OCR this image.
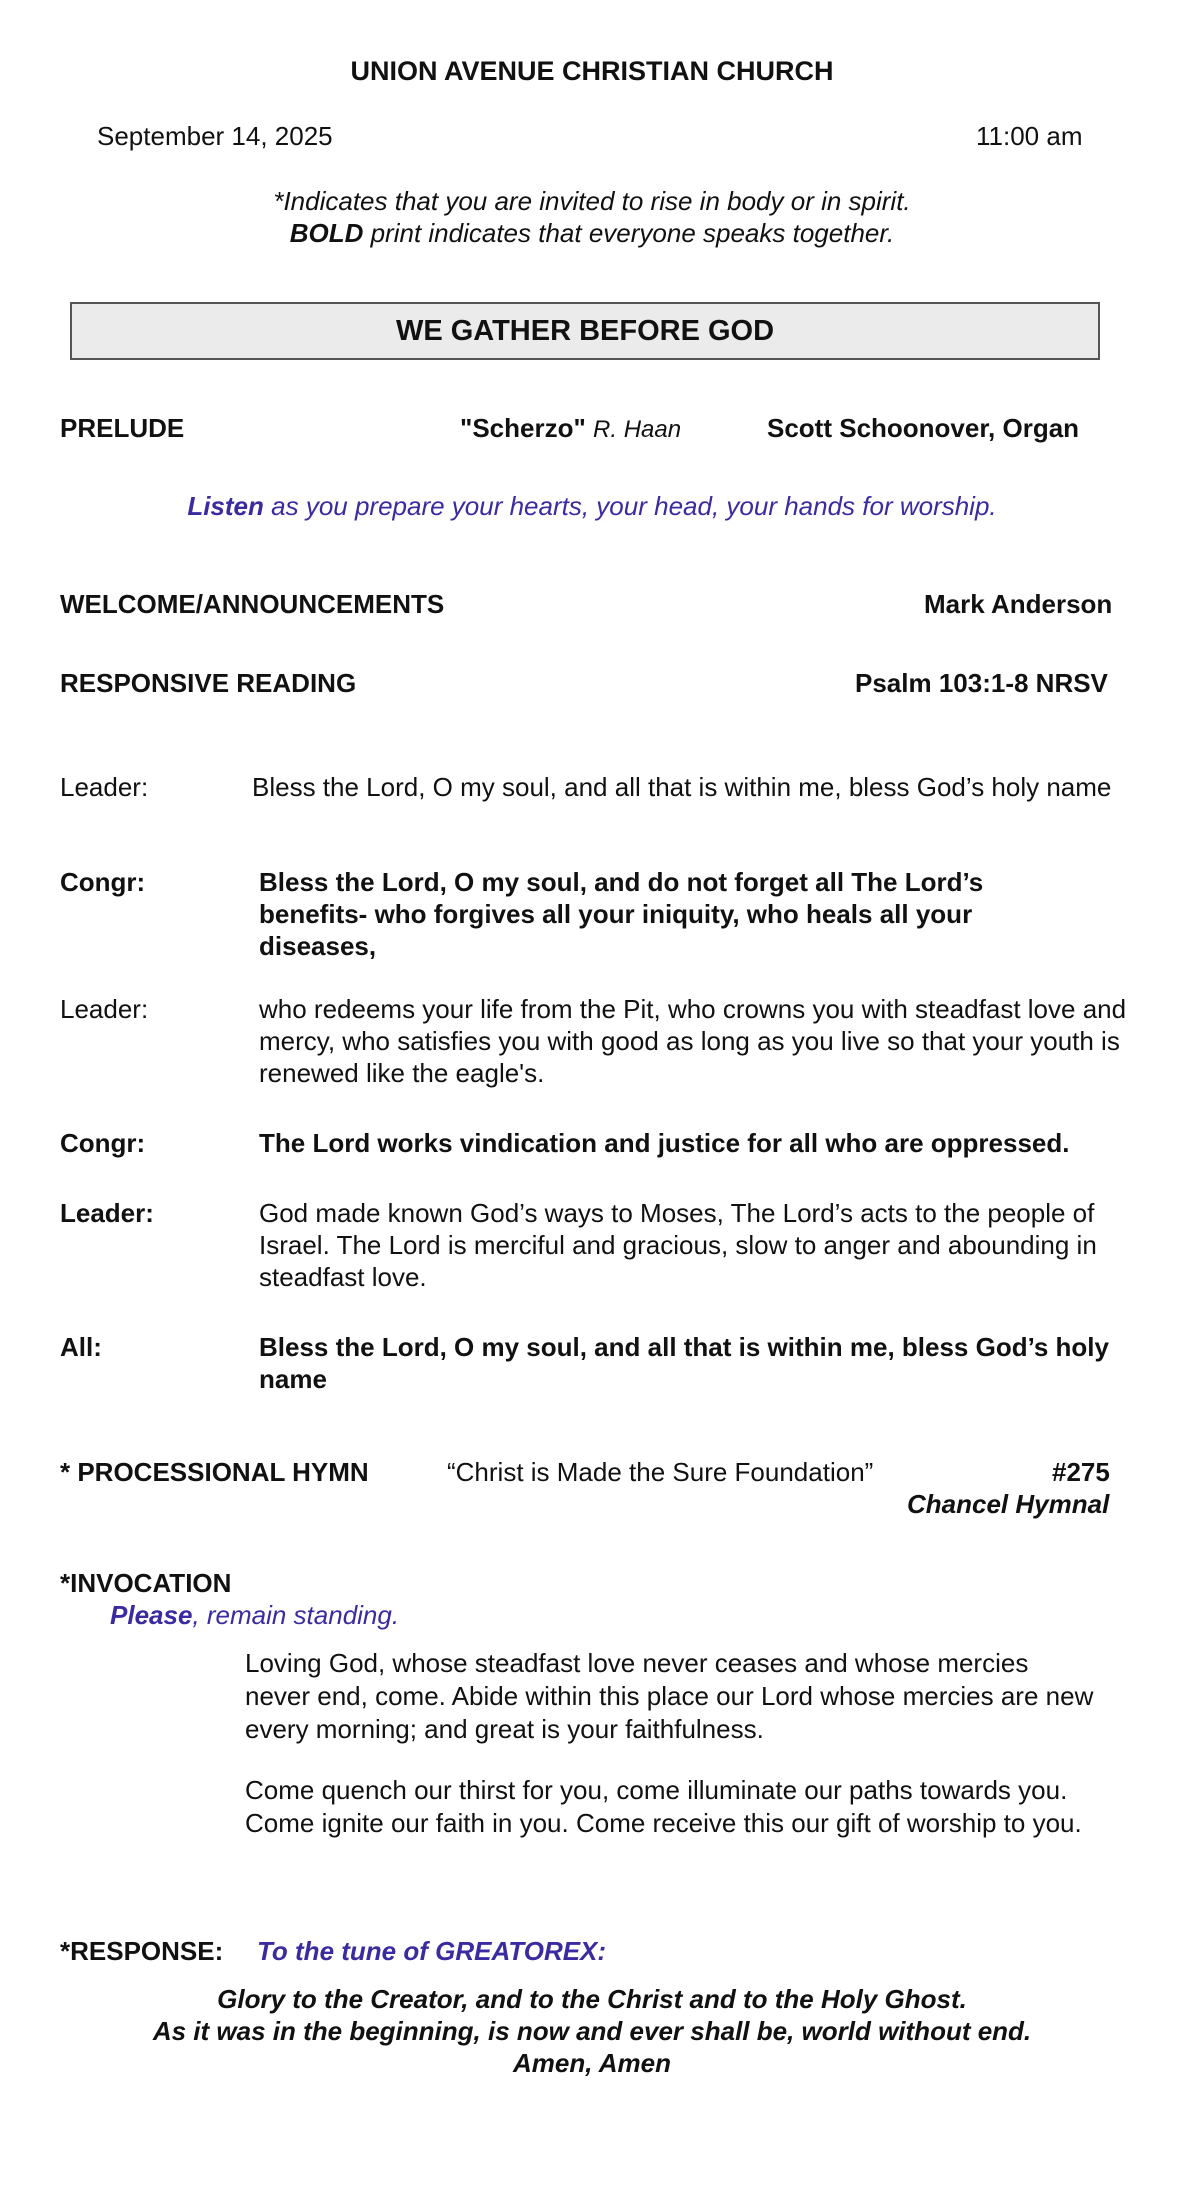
UNION AVENUE CHRISTIAN CHURCH
September 14, 2025	11:00 am
*Indicates that you are invited to rise in body or in spirit.
BOLD print indicates that everyone speaks together.
WE GATHER BEFORE GOD
PRELUDE	"Scherzo" R. Haan	Scott Schoonover, Organ
Listen as you prepare your hearts, your head, your hands for worship.
WELCOME/ANNOUNCEMENTS	Mark Anderson
RESPONSIVE READING	Psalm 103:1-8 NRSV
Leader:	Bless the Lord, O my soul, and all that is within me, bless God’s holy name
Congr:	Bless the Lord, O my soul, and do not forget all The Lord’s benefits- who forgives all your iniquity, who heals all your diseases,
Leader:	who redeems your life from the Pit, who crowns you with steadfast love and mercy, who satisfies you with good as long as you live so that your youth is renewed like the eagle's.
Congr:	The Lord works vindication and justice for all who are oppressed.
Leader:	God made known God’s ways to Moses, The Lord’s acts to the people of Israel. The Lord is merciful and gracious, slow to anger and abounding in steadfast love.
All:	Bless the Lord, O my soul, and all that is within me, bless God’s holy name
* PROCESSIONAL HYMN	“Christ is Made the Sure Foundation”	#275
Chancel Hymnal
*INVOCATION
Please, remain standing.
Loving God, whose steadfast love never ceases and whose mercies never end, come. Abide within this place our Lord whose mercies are new every morning; and great is your faithfulness.
Come quench our thirst for you, come illuminate our paths towards you. Come ignite our faith in you. Come receive this our gift of worship to you.
*RESPONSE: To the tune of GREATOREX:
Glory to the Creator, and to the Christ and to the Holy Ghost.
As it was in the beginning, is now and ever shall be, world without end.
Amen, Amen
